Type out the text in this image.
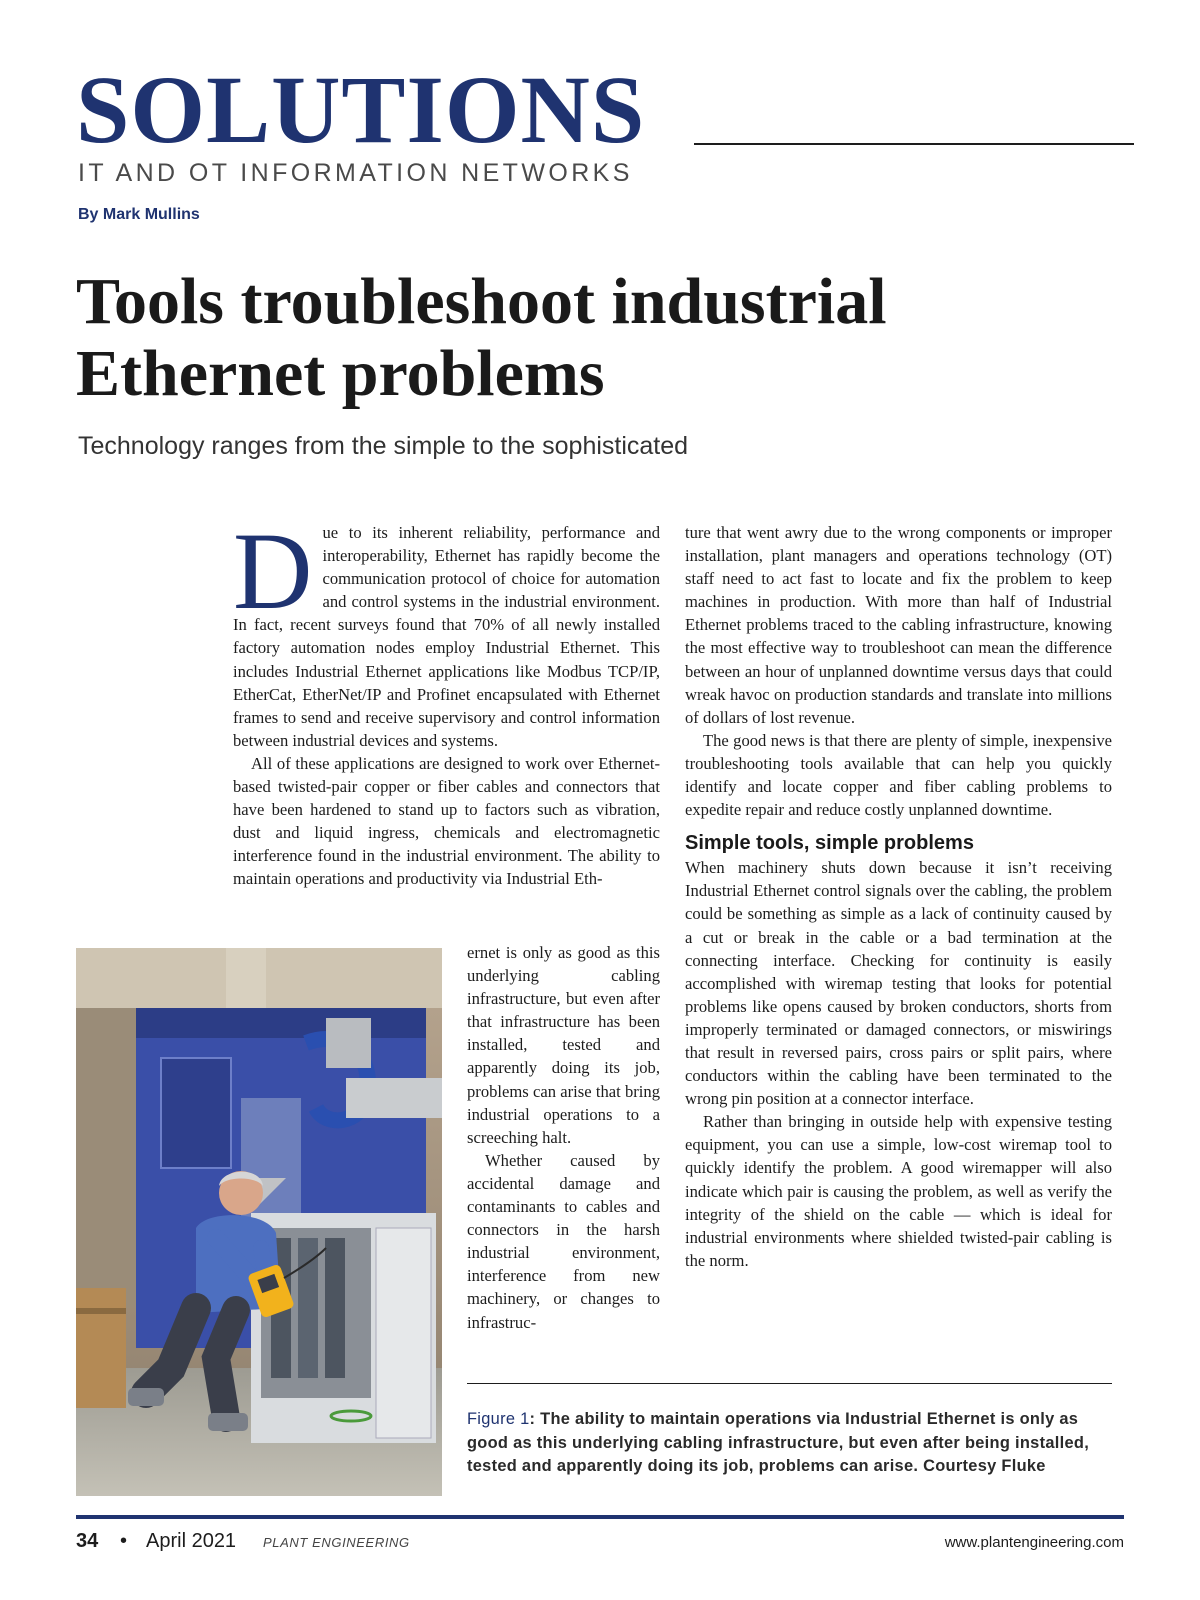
SOLUTIONS
IT AND OT INFORMATION NETWORKS
By Mark Mullins
Tools troubleshoot industrial Ethernet problems
Technology ranges from the simple to the sophisticated
D ue to its inherent reliability, performance and interoperability, Ethernet has rapidly become the communication protocol of choice for automation and control systems in the industrial environment. In fact, recent surveys found that 70% of all newly installed factory automation nodes employ Industrial Ethernet. This includes Industrial Ethernet applications like Modbus TCP/IP, EtherCat, EtherNet/IP and Profinet encapsulated with Ethernet frames to send and receive supervisory and control information between industrial devices and systems.

All of these applications are designed to work over Ethernet-based twisted-pair copper or fiber cables and connectors that have been hardened to stand up to factors such as vibration, dust and liquid ingress, chemicals and electromagnetic interference found in the industrial environment. The ability to maintain operations and productivity via Industrial Eth-

ernet is only as good as this underlying cabling infrastructure, but even after that infrastructure has been installed, tested and apparently doing its job, problems can arise that bring industrial operations to a screeching halt.

Whether caused by accidental damage and contaminants to cables and connectors in the harsh industrial environment, interference from new machinery, or changes to infrastruc-

ture that went awry due to the wrong components or improper installation, plant managers and operations technology (OT) staff need to act fast to locate and fix the problem to keep machines in production. With more than half of Industrial Ethernet problems traced to the cabling infrastructure, knowing the most effective way to troubleshoot can mean the difference between an hour of unplanned downtime versus days that could wreak havoc on production standards and translate into millions of dollars of lost revenue.

The good news is that there are plenty of simple, inexpensive troubleshooting tools available that can help you quickly identify and locate copper and fiber cabling problems to expedite repair and reduce costly unplanned downtime.

Simple tools, simple problems

When machinery shuts down because it isn’t receiving Industrial Ethernet control signals over the cabling, the problem could be something as simple as a lack of continuity caused by a cut or break in the cable or a bad termination at the connecting interface. Checking for continuity is easily accomplished with wiremap testing that looks for potential problems like opens caused by broken conductors, shorts from improperly terminated or damaged connectors, or miswirings that result in reversed pairs, cross pairs or split pairs, where conductors within the cabling have been terminated to the wrong pin position at a connector interface.

Rather than bringing in outside help with expensive testing equipment, you can use a simple, low-cost wiremap tool to quickly identify the problem. A good wiremapper will also indicate which pair is causing the problem, as well as verify the integrity of the shield on the cable — which is ideal for industrial environments where shielded twisted-pair cabling is the norm.

Figure 1: The ability to maintain operations via Industrial Ethernet is only as good as this underlying cabling infrastructure, but even after being installed, tested and apparently doing its job, problems can arise. Courtesy Fluke
34 • April 2021 PLANT ENGINEERING	www.plantengineering.com
